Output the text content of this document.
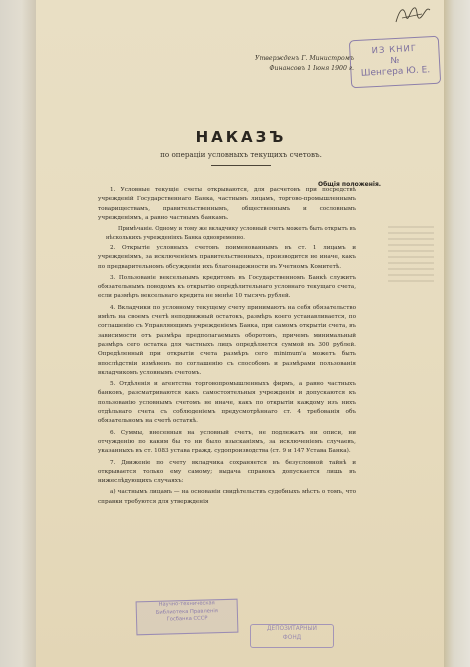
ИЗ КНИГ
№
Шенгера Ю. Е.
Утвержденъ Г. Министромъ
Финансовъ 1 Iюня 1900 г.
НАКАЗЪ
по операцiи условныхъ текущихъ счетовъ.
Общiя положенiя.

1. Условные текущiе счеты открываются, для расчетовъ при посредствѣ учрежденiй Государственнаго Банка, частнымъ лицамъ, торгово-промышленнымъ товариществамъ, правительственнымъ, общественнымъ и сословнымъ учрежденiямъ, а равно частнымъ банкамъ.

Примѣчанiе. Одному и тому же вкладчику условный счетъ можетъ быть открытъ въ нѣсколькихъ учрежденiяхъ Банка одновременно.

2. Открытiе условныхъ счетовъ поименованнымъ въ ст. 1 лицамъ и учрежденiямъ, за исключенiемъ правительственныхъ, производится не иначе, какъ по предварительномъ обсужденiи ихъ благонадежности въ Учетномъ Комитетѣ.

3. Пользованiе вексельнымъ кредитомъ въ Государственномъ Банкѣ служитъ обязательнымъ поводомъ къ открытiю опредѣлительнаго условнаго текущаго счета, если размѣръ вексельнаго кредита не менѣе 10 тысячъ рублей.

4. Вкладчики по условному текущему счету принимаютъ на себя обязательство имѣть на своемъ счетѣ неподвижный остатокъ, размѣръ коего устанавливается, по соглашенiю съ Управляющимъ учрежденiемъ Банка, при самомъ открытiи счета, въ зависимости отъ размѣра предполагаемыхъ оборотовъ, причемъ минимальный размѣръ сего остатка для частныхъ лицъ опредѣляется суммой въ 300 рублей. Опредѣленный при открытiи счета размѣръ сего minimum'a можетъ быть впослѣдствiи измѣненъ по соглашенiю съ способомъ и размѣрами пользованiя вкладчикомъ условнымъ счетомъ.

5. Отдѣленiя и агентства торговопромышленныхъ фирмъ, а равно частныхъ банковъ, разсматриваются какъ самостоятельныя учрежденiя и допускаются къ пользованiю условнымъ счетомъ не иначе, какъ по открытiи каждому изъ нихъ отдѣльнаго счета съ соблюденiемъ предусмотрѣннаго ст. 4 требованiя объ обязательномъ на счетѣ остаткѣ.

6. Суммы, внесенныя на условный счетъ, не подлежатъ ни описи, ни отчужденiю по каким бы то ни было взысканiямъ, за исключенiемъ случаевъ, указанныхъ въ ст. 1083 устава гражд. судопроизводства (ст. 9 и 147 Устава Банка).

7. Движенiе по счету вкладчика сохраняется въ безусловной тайнѣ и открывается только ему самому; выдача справокъ допускается лишь въ нижеслѣдующихъ случаяхъ:

а) частнымъ лицамъ — на основанiи свидѣтельствъ судебныхъ мѣстъ о томъ, что справки требуются для утвержденiя

Научно-техническая
Библиотека Правленiя
Госбанка СССР
ДЕПОЗИТАРНЫЙ
ФОНД
